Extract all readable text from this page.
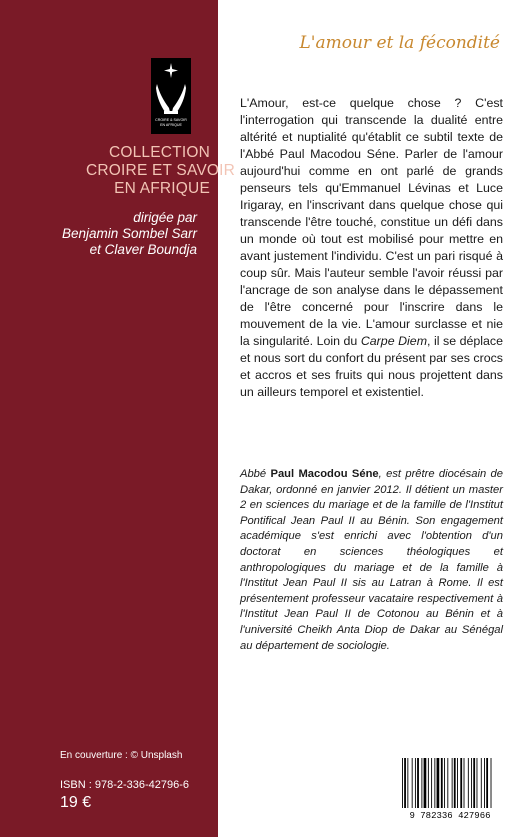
CROIRE & SAVOIR
EN AFRIQUE
COLLECTION
CROIRE ET SAVOIR
EN AFRIQUE
dirigée par
Benjamin Sombel Sarr
et Claver Boundja
En couverture : © Unsplash
ISBN : 978-2-336-42796-6
19 €
L'amour et la fécondité
L'Amour, est-ce quelque chose ? C'est l'interrogation qui transcende la dualité entre altérité et nuptialité qu'établit ce subtil texte de l'Abbé Paul Macodou Séne. Parler de l'amour aujourd'hui comme en ont parlé de grands penseurs tels qu'Emmanuel Lévinas et Luce Irigaray, en l'inscrivant dans quelque chose qui transcende l'être touché, constitue un défi dans un monde où tout est mobilisé pour mettre en avant justement l'individu. C'est un pari risqué à coup sûr. Mais l'auteur semble l'avoir réussi par l'ancrage de son analyse dans le dépassement de l'être concerné pour l'inscrire dans le mouvement de la vie. L'amour surclasse et nie la singularité. Loin du Carpe Diem, il se déplace et nous sort du confort du présent par ses crocs et accros et ses fruits qui nous projettent dans un ailleurs temporel et existentiel.
Abbé Paul Macodou Séne, est prêtre diocésain de Dakar, ordonné en janvier 2012. Il détient un master 2 en sciences du mariage et de la famille de l'Institut Pontifical Jean Paul II au Bénin. Son engagement académique s'est enrichi avec l'obtention d'un doctorat en sciences théologiques et anthropologiques du mariage et de la famille à l'Institut Jean Paul II sis au Latran à Rome. Il est présentement professeur vacataire respectivement à l'Institut Jean Paul II de Cotonou au Bénin et à l'université Cheikh Anta Diop de Dakar au Sénégal au département de sociologie.
9 782336 427966
